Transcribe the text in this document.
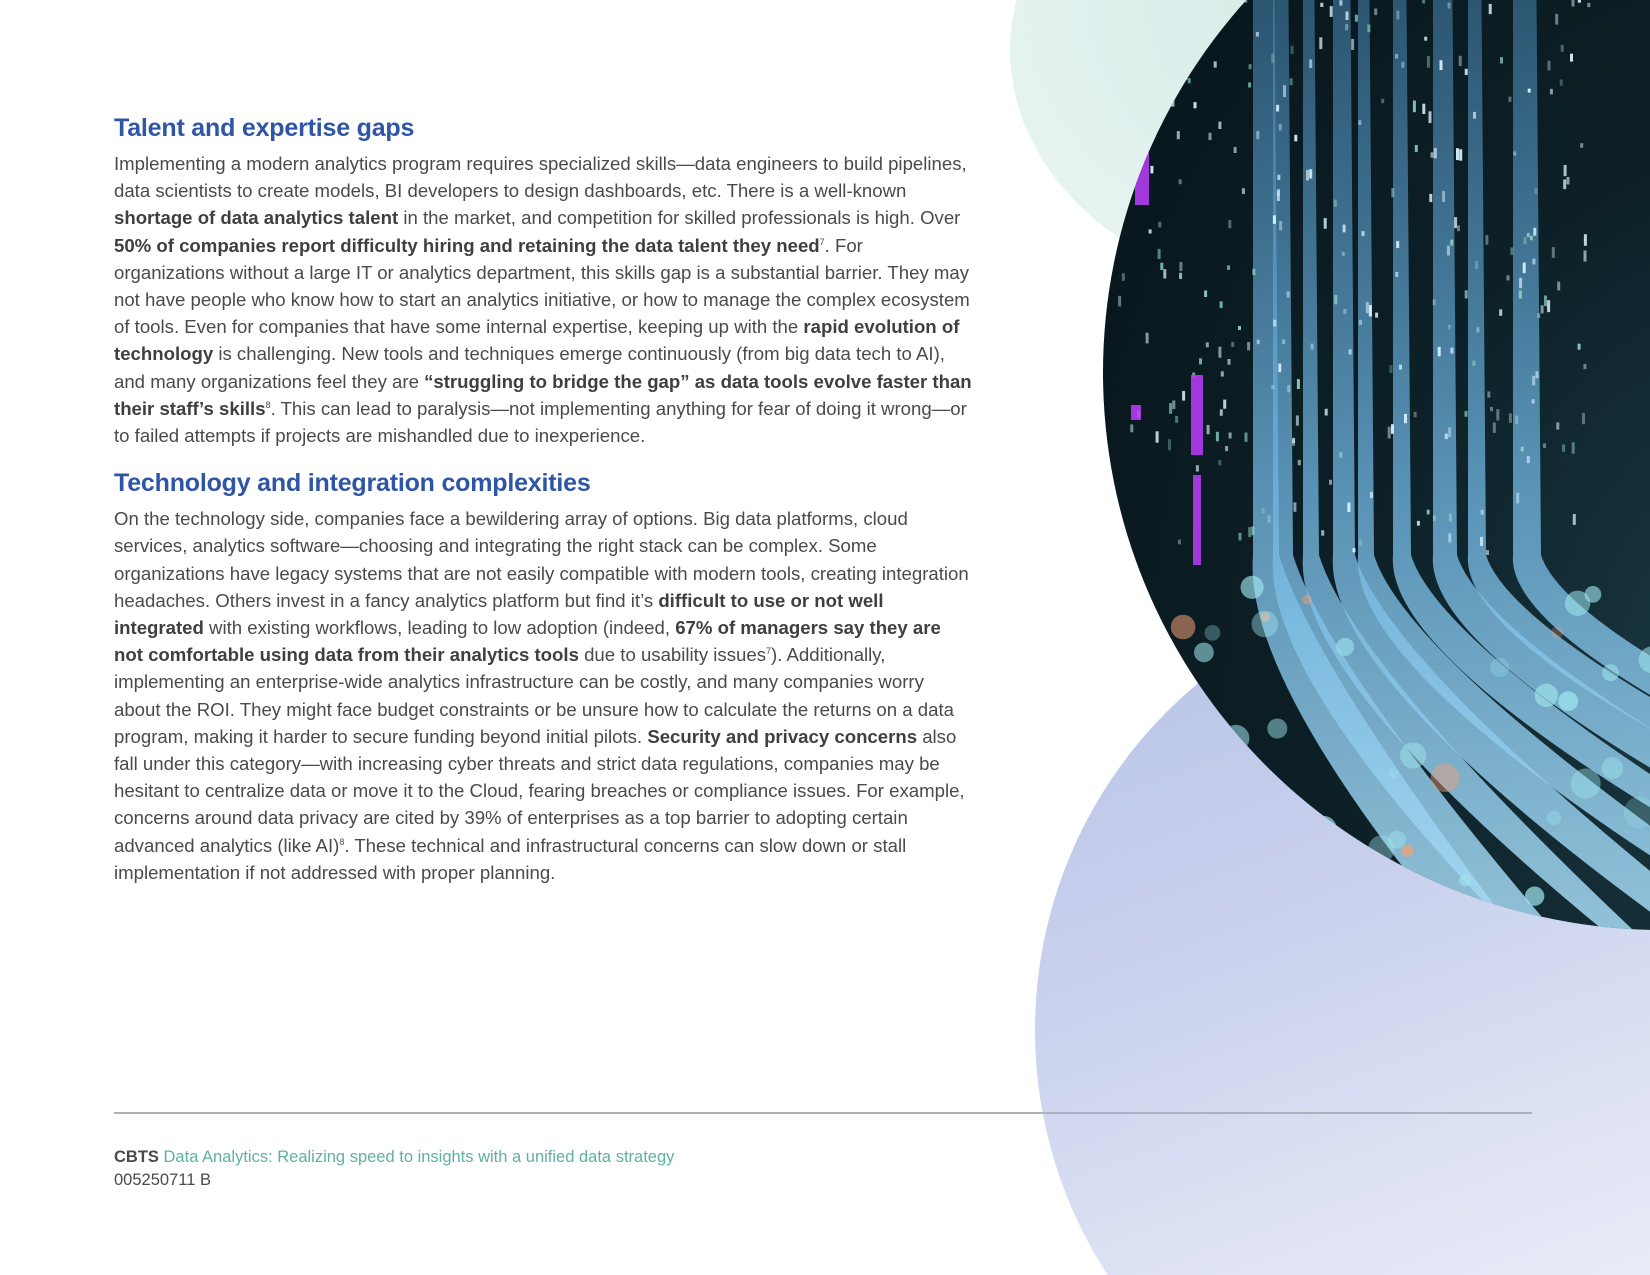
Talent and expertise gaps

Implementing a modern analytics program requires specialized skills—data engineers to build pipelines, data scientists to create models, BI developers to design dashboards, etc. There is a well-known shortage of data analytics talent in the market, and competition for skilled professionals is high. Over 50% of companies report difficulty hiring and retaining the data talent they need$^7$. For organizations without a large IT or analytics department, this skills gap is a substantial barrier. They may not have people who know how to start an analytics initiative, or how to manage the complex ecosystem of tools. Even for companies that have some internal expertise, keeping up with the rapid evolution of technology is challenging. New tools and techniques emerge continuously (from big data tech to AI), and many organizations feel they are “struggling to bridge the gap” as data tools evolve faster than their staff’s skills$^8$. This can lead to paralysis—not implementing anything for fear of doing it wrong—or to failed attempts if projects are mishandled due to inexperience.

Technology and integration complexities

On the technology side, companies face a bewildering array of options. Big data platforms, cloud services, analytics software—choosing and integrating the right stack can be complex. Some organizations have legacy systems that are not easily compatible with modern tools, creating integration headaches. Others invest in a fancy analytics platform but find it’s difficult to use or not well integrated with existing workflows, leading to low adoption (indeed, 67% of managers say they are not comfortable using data from their analytics tools due to usability issues$^7$). Additionally, implementing an enterprise-wide analytics infrastructure can be costly, and many companies worry about the ROI. They might face budget constraints or be unsure how to calculate the returns on a data program, making it harder to secure funding beyond initial pilots. Security and privacy concerns also fall under this category—with increasing cyber threats and strict data regulations, companies may be hesitant to centralize data or move it to the Cloud, fearing breaches or compliance issues. For example, concerns around data privacy are cited by 39% of enterprises as a top barrier to adopting certain advanced analytics (like AI)$^8$. These technical and infrastructural concerns can slow down or stall implementation if not addressed with proper planning.

CBTS Data Analytics: Realizing speed to insights with a unified data strategy
005250711 B
10
